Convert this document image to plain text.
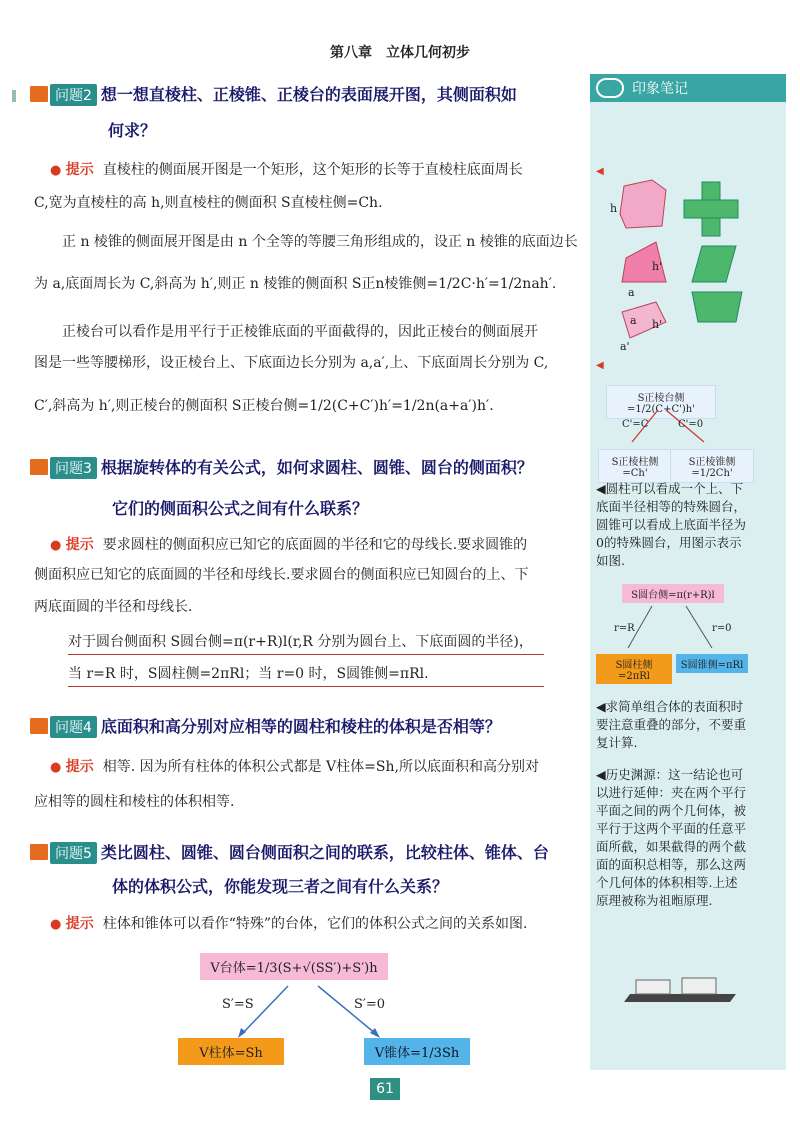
第八章　立体几何初步
印象笔记
问题2 想一想直棱柱、正棱锥、正棱台的表面展开图，其侧面积如
何求？
● 提示 直棱柱的侧面展开图是一个矩形，这个矩形的长等于直棱柱底面周长
C,宽为直棱柱的高 h,则直棱柱的侧面积 S直棱柱侧=Ch.
正 n 棱锥的侧面展开图是由 n 个全等的等腰三角形组成的，设正 n 棱锥的底面边长
为 a,底面周长为 C,斜高为 h′,则正 n 棱锥的侧面积 S正n棱锥侧=1/2C·h′=1/2nah′.
正棱台可以看作是用平行于正棱锥底面的平面截得的，因此正棱台的侧面展开
图是一些等腰梯形，设正棱台上、下底面边长分别为 a,a′,上、下底面周长分别为 C,
C′,斜高为 h′,则正棱台的侧面积 S正棱台侧=1/2(C+C′)h′=1/2n(a+a′)h′.
问题3 根据旋转体的有关公式，如何求圆柱、圆锥、圆台的侧面积？
它们的侧面积公式之间有什么联系？
● 提示 要求圆柱的侧面积应已知它的底面圆的半径和它的母线长.要求圆锥的
侧面积应已知它的底面圆的半径和母线长.要求圆台的侧面积应已知圆台的上、下
两底面圆的半径和母线长.
对于圆台侧面积 S圆台侧=π(r+R)l(r,R 分别为圆台上、下底面圆的半径)，
当 r=R 时，S圆柱侧=2πRl；当 r=0 时，S圆锥侧=πRl.
问题4 底面积和高分别对应相等的圆柱和棱柱的体积是否相等？
● 提示 相等. 因为所有柱体的体积公式都是 V柱体=Sh,所以底面积和高分别对
应相等的圆柱和棱柱的体积相等.
问题5 类比圆柱、圆锥、圆台侧面积之间的联系，比较柱体、锥体、台
体的体积公式，你能发现三者之间有什么关系？
● 提示 柱体和锥体可以看作“特殊”的台体，它们的体积公式之间的关系如图.
V台体=1/3(S+√(SS′)+S′)h
S′=S	S′=0
V柱体=Sh	V锥体=1/3Sh
◀
h
h'
a
h'
a
a'
◀
S正棱台侧=1/2(C+C')h'
C'=C	C'=0
S正棱柱侧=Ch'
S正棱锥侧=1/2Ch'
◀圆柱可以看成一个上、下底面半径相等的特殊圆台，圆锥可以看成上底面半径为0的特殊圆台，用图示表示如图.
S圆台侧=π(r+R)l
r=R	r=0
S圆柱侧=2πRl
S圆锥侧=πRl
◀求简单组合体的表面积时要注意重叠的部分，不要重复计算.
◀历史渊源：这一结论也可以进行延伸：夹在两个平行平面之间的两个几何体，被平行于这两个平面的任意平面所截，如果截得的两个截面的面积总相等，那么这两个几何体的体积相等.上述原理被称为祖暅原理.
61
